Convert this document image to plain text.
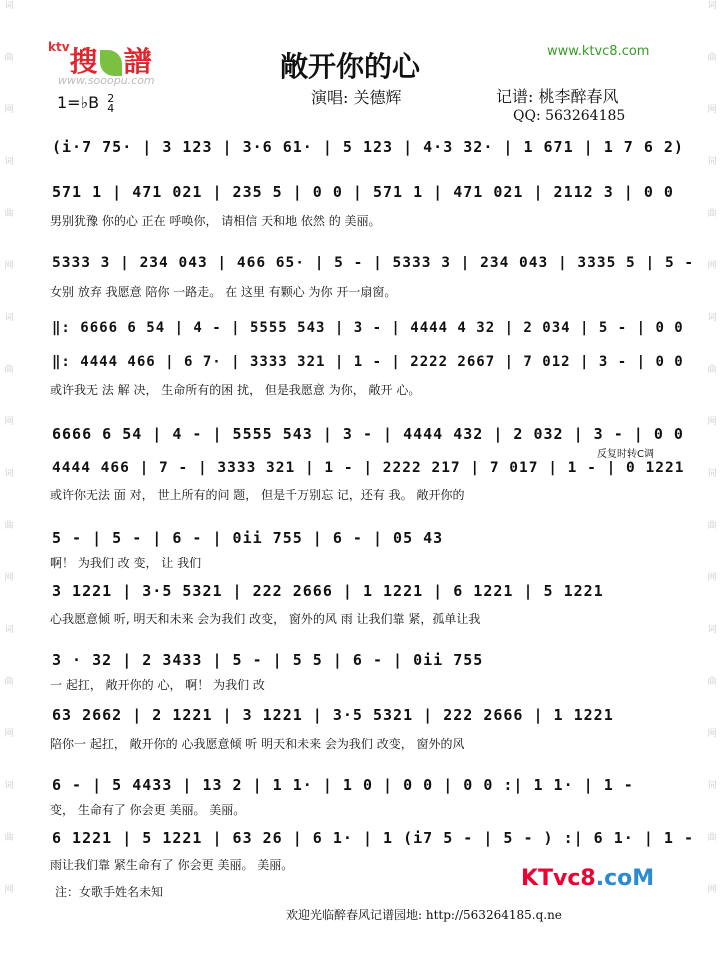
词
曲
网
词
曲
网
词
曲
网
词
曲
网
词
曲
网
词
曲
网
词
曲
网
词
曲
网
词
曲
网
词
曲
网
词
曲
网
词
曲
网
$^{ktv}$搜 譜
www.sooopu.com
www.ktvc8.com
敞开你的心
1=♭B 2
4
演唱: 关德辉	记谱: 桃李醉春风
QQ: 563264185
(i·7 75· | 3 123 | 3·6 61· | 5 123 | 4·3 32· | 1 671 | 1 7 6 2)
571 1 | 471 021 | 235 5 | 0 0 | 571 1 | 471 021 | 2112 3 | 0 0
男别犹豫 你的心 正在 呼唤你， 请相信 天和地 依然 的 美丽。
5333 3 | 234 043 | 466 65· | 5 - | 5333 3 | 234 043 | 3335 5 | 5 -
女别 放弃 我愿意 陪你 一路走。 在 这里 有颗心 为你 开一扇窗。
‖: 6666 6 54 | 4 - | 5555 543 | 3 - | 4444 4 32 | 2 034 | 5 - | 0 0
‖: 4444 466 | 6 7· | 3333 321 | 1 - | 2222 2667 | 7 012 | 3 - | 0 0
或许我无 法 解 决， 生命所有的困 扰， 但是我愿意 为你， 敞开 心。
6666 6 54 | 4 - | 5555 543 | 3 - | 4444 432 | 2 032 | 3 - | 0 0
4444 466 | 7 - | 3333 321 | 1 - | 2222 217 | 7 017 | 1 - | 0 1221
反复时转C调
或许你无法 面 对， 世上所有的问 题， 但是千万别忘 记，还有 我。 敞开你的
5 - | 5 - | 6 - | 0ii 755 | 6 - | 05 43
啊！ 为我们 改 变， 让 我们
3 1221 | 3·5 5321 | 222 2666 | 1 1221 | 6 1221 | 5 1221
心我愿意倾 听, 明天和未来 会为我们 改变， 窗外的风 雨 让我们靠 紧，孤单让我
3 · 32 | 2 3433 | 5 - | 5 5 | 6 - | 0ii 755
一 起扛， 敞开你的 心， 啊！ 为我们 改
63 2662 | 2 1221 | 3 1221 | 3·5 5321 | 222 2666 | 1 1221
陪你一 起扛， 敞开你的 心我愿意倾 听 明天和未来 会为我们 改变， 窗外的风
6 - | 5 4433 | 13 2 | 1 1· | 1 0 | 0 0 | 0 0 :| 1 1· | 1 -
变， 生命有了 你会更 美丽。 美丽。
6 1221 | 5 1221 | 63 26 | 6 1· | 1 (i7 5 - | 5 - ) :| 6 1· | 1 -
雨让我们靠 紧生命有了 你会更 美丽。 美丽。
注：女歌手姓名未知
欢迎光临醉春风记谱园地: http://563264185.q.ne
KTvc8.coM
